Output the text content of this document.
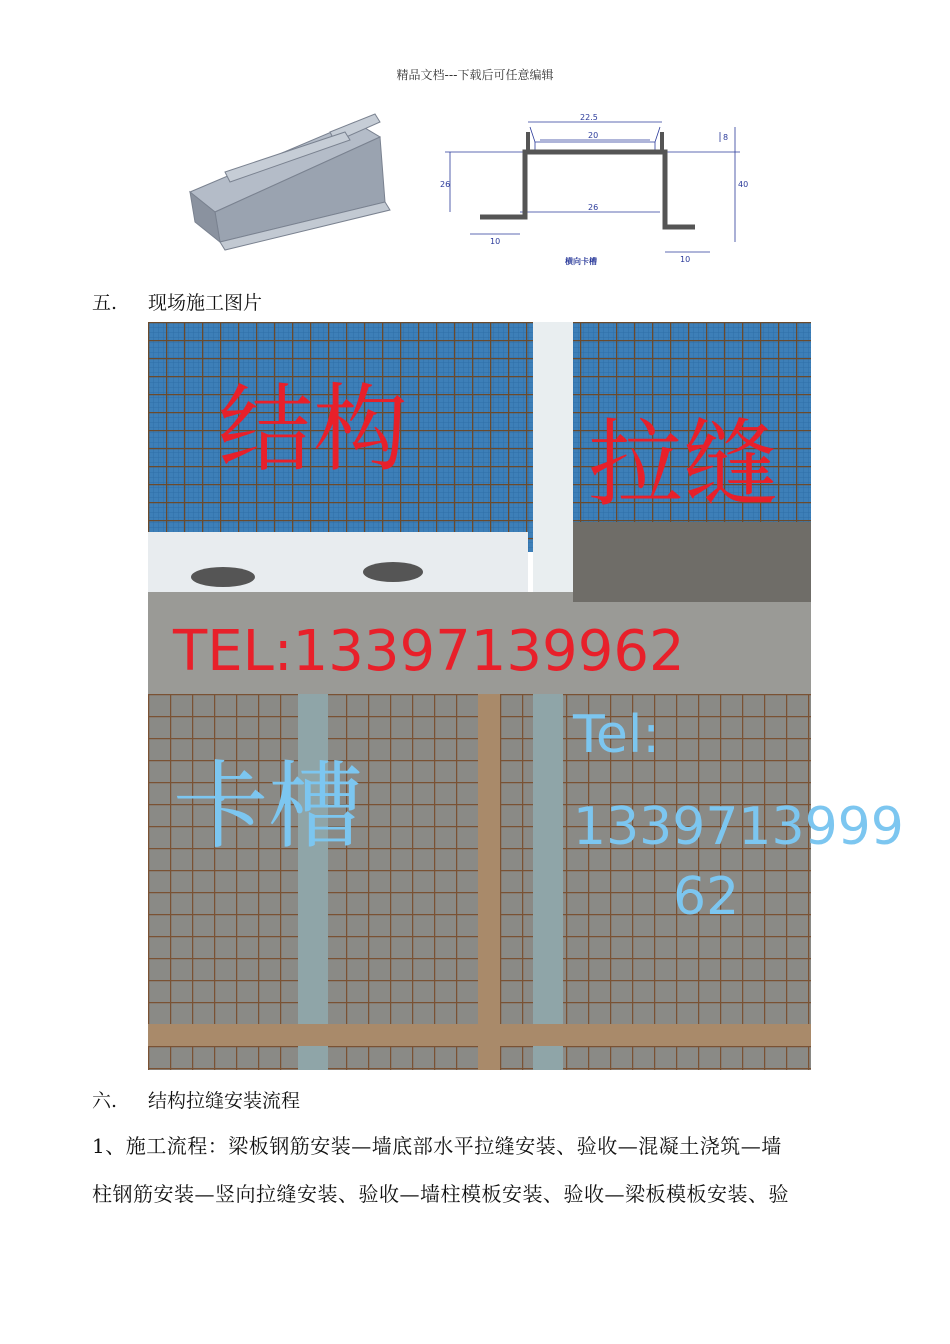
精品文档---下载后可任意编辑
22.5
20	8
26
26
40
10
10
横向卡槽
五. 现场施工图片
结构 拉缝
TEL:13397139962
卡槽
Tel:
1339713999
62
六. 结构拉缝安装流程
1、施工流程：梁板钢筋安装—墙底部水平拉缝安装、验收—混凝土浇筑—墙
柱钢筋安装—竖向拉缝安装、验收—墙柱模板安装、验收—梁板模板安装、验
